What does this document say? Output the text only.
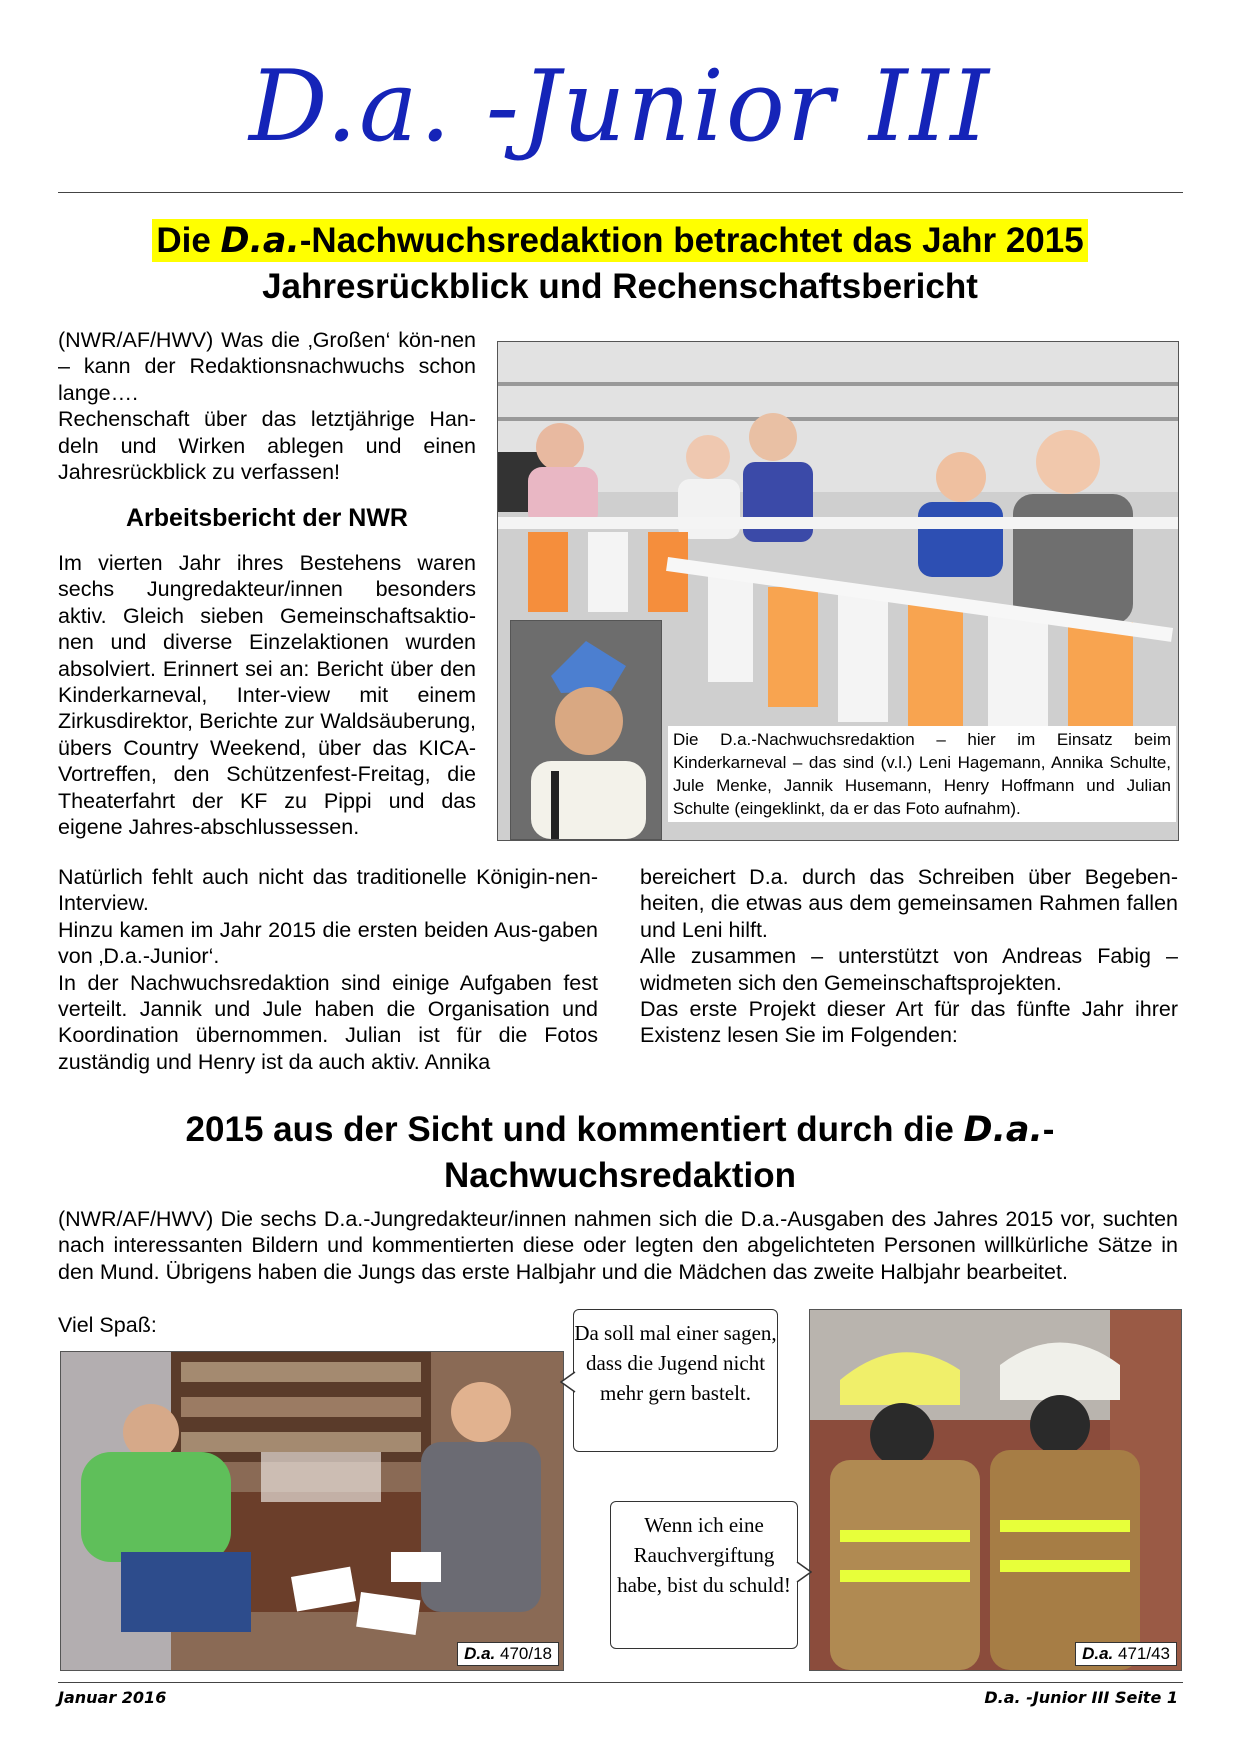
D.a. -Junior III
Die D.a.-Nachwuchsredaktion betrachtet das Jahr 2015
Jahresrückblick und Rechenschaftsbericht

(NWR/AF/HWV) Was die ‚Großen‘ kön-nen – kann der Redaktionsnachwuchs schon lange….

Rechenschaft über das letztjährige Han-deln und Wirken ablegen und einen Jahresrückblick zu verfassen!

Arbeitsbericht der NWR
Im vierten Jahr ihres Bestehens waren sechs Jungredakteur/innen besonders aktiv. Gleich sieben Gemeinschaftsaktio-nen und diverse Einzelaktionen wurden absolviert. Erinnert sei an: Bericht über den Kinderkarneval, Inter-view mit einem Zirkusdirektor, Berichte zur Waldsäuberung, übers Country Weekend, über das KICA-Vortreffen, den Schützenfest-Freitag, die Theaterfahrt der KF zu Pippi und das eigene Jahres-abschlussessen.

Natürlich fehlt auch nicht das traditionelle Königin-nen-Interview.

Hinzu kamen im Jahr 2015 die ersten beiden Aus-gaben von ‚D.a.-Junior‘.

In der Nachwuchsredaktion sind einige Aufgaben fest verteilt. Jannik und Jule haben die Organisation und Koordination übernommen. Julian ist für die Fotos zuständig und Henry ist da auch aktiv. Annika

bereichert D.a. durch das Schreiben über Begeben-heiten, die etwas aus dem gemeinsamen Rahmen fallen und Leni hilft.

Alle zusammen – unterstützt von Andreas Fabig – widmeten sich den Gemeinschaftsprojekten.

Das erste Projekt dieser Art für das fünfte Jahr ihrer Existenz lesen Sie im Folgenden:

Die D.a.-Nachwuchsredaktion – hier im Einsatz beim Kinderkarneval – das sind (v.l.) Leni Hagemann, Annika Schulte, Jule Menke, Jannik Husemann, Henry Hoffmann und Julian Schulte (eingeklinkt, da er das Foto aufnahm).
2015 aus der Sicht und kommentiert durch die D.a.-
Nachwuchsredaktion
(NWR/AF/HWV) Die sechs D.a.-Jungredakteur/innen nahmen sich die D.a.-Ausgaben des Jahres 2015 vor, suchten nach interessanten Bildern und kommentierten diese oder legten den abgelichteten Personen willkürliche Sätze in den Mund. Übrigens haben die Jungs das erste Halbjahr und die Mädchen das zweite Halbjahr bearbeitet.
Viel Spaß:
D.a. 470/18	D.a. 471/43
Da soll mal einer sagen, dass die Jugend nicht mehr gern bastelt.
Wenn ich eine Rauchvergiftung habe, bist du schuld!
Januar 2016	D.a. -Junior III Seite 1
